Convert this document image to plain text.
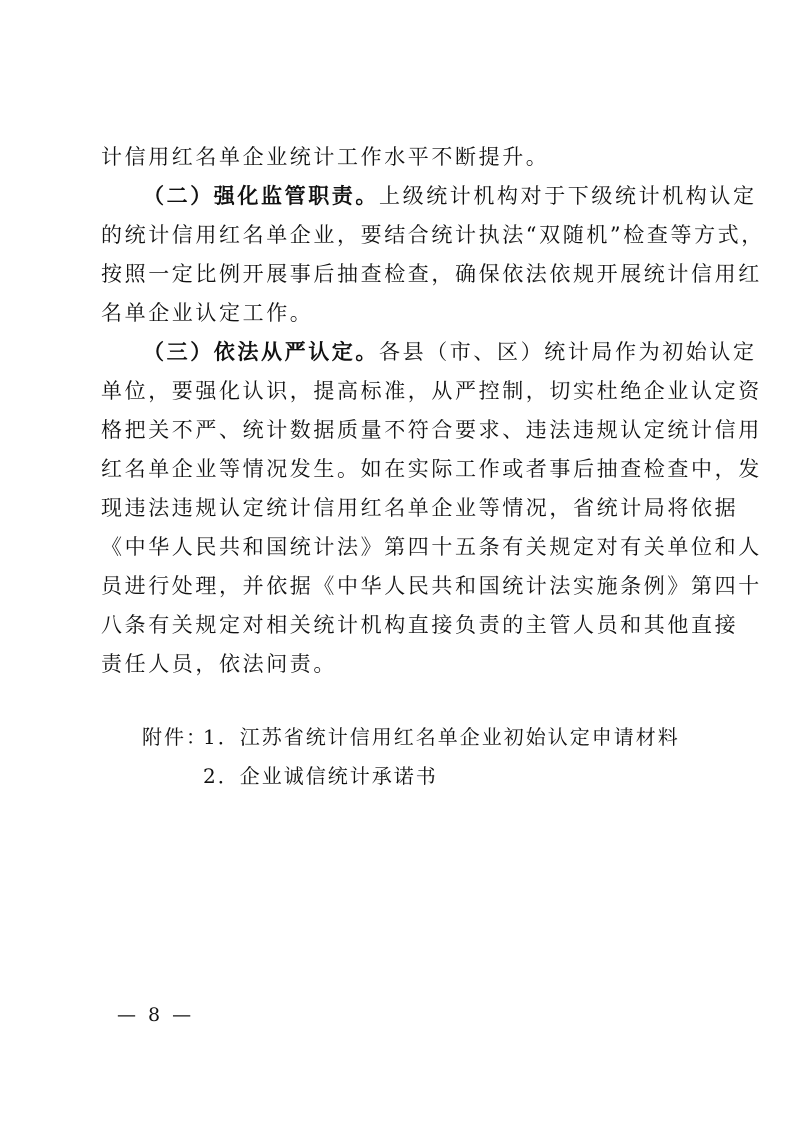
计信用红名单企业统计工作水平不断提升。
（二）强化监管职责。上级统计机构对于下级统计机构认定
的统计信用红名单企业，要结合统计执法“双随机”检查等方式，
按照一定比例开展事后抽查检查，确保依法依规开展统计信用红
名单企业认定工作。
（三）依法从严认定。各县（市、区）统计局作为初始认定
单位，要强化认识，提高标准，从严控制，切实杜绝企业认定资
格把关不严、统计数据质量不符合要求、违法违规认定统计信用
红名单企业等情况发生。如在实际工作或者事后抽查检查中，发
现违法违规认定统计信用红名单企业等情况，省统计局将依据
《中华人民共和国统计法》第四十五条有关规定对有关单位和人
员进行处理，并依据《中华人民共和国统计法实施条例》第四十
八条有关规定对相关统计机构直接负责的主管人员和其他直接
责任人员，依法问责。
附件：
1．江苏省统计信用红名单企业初始认定申请材料
2．企业诚信统计承诺书
— 8 —
